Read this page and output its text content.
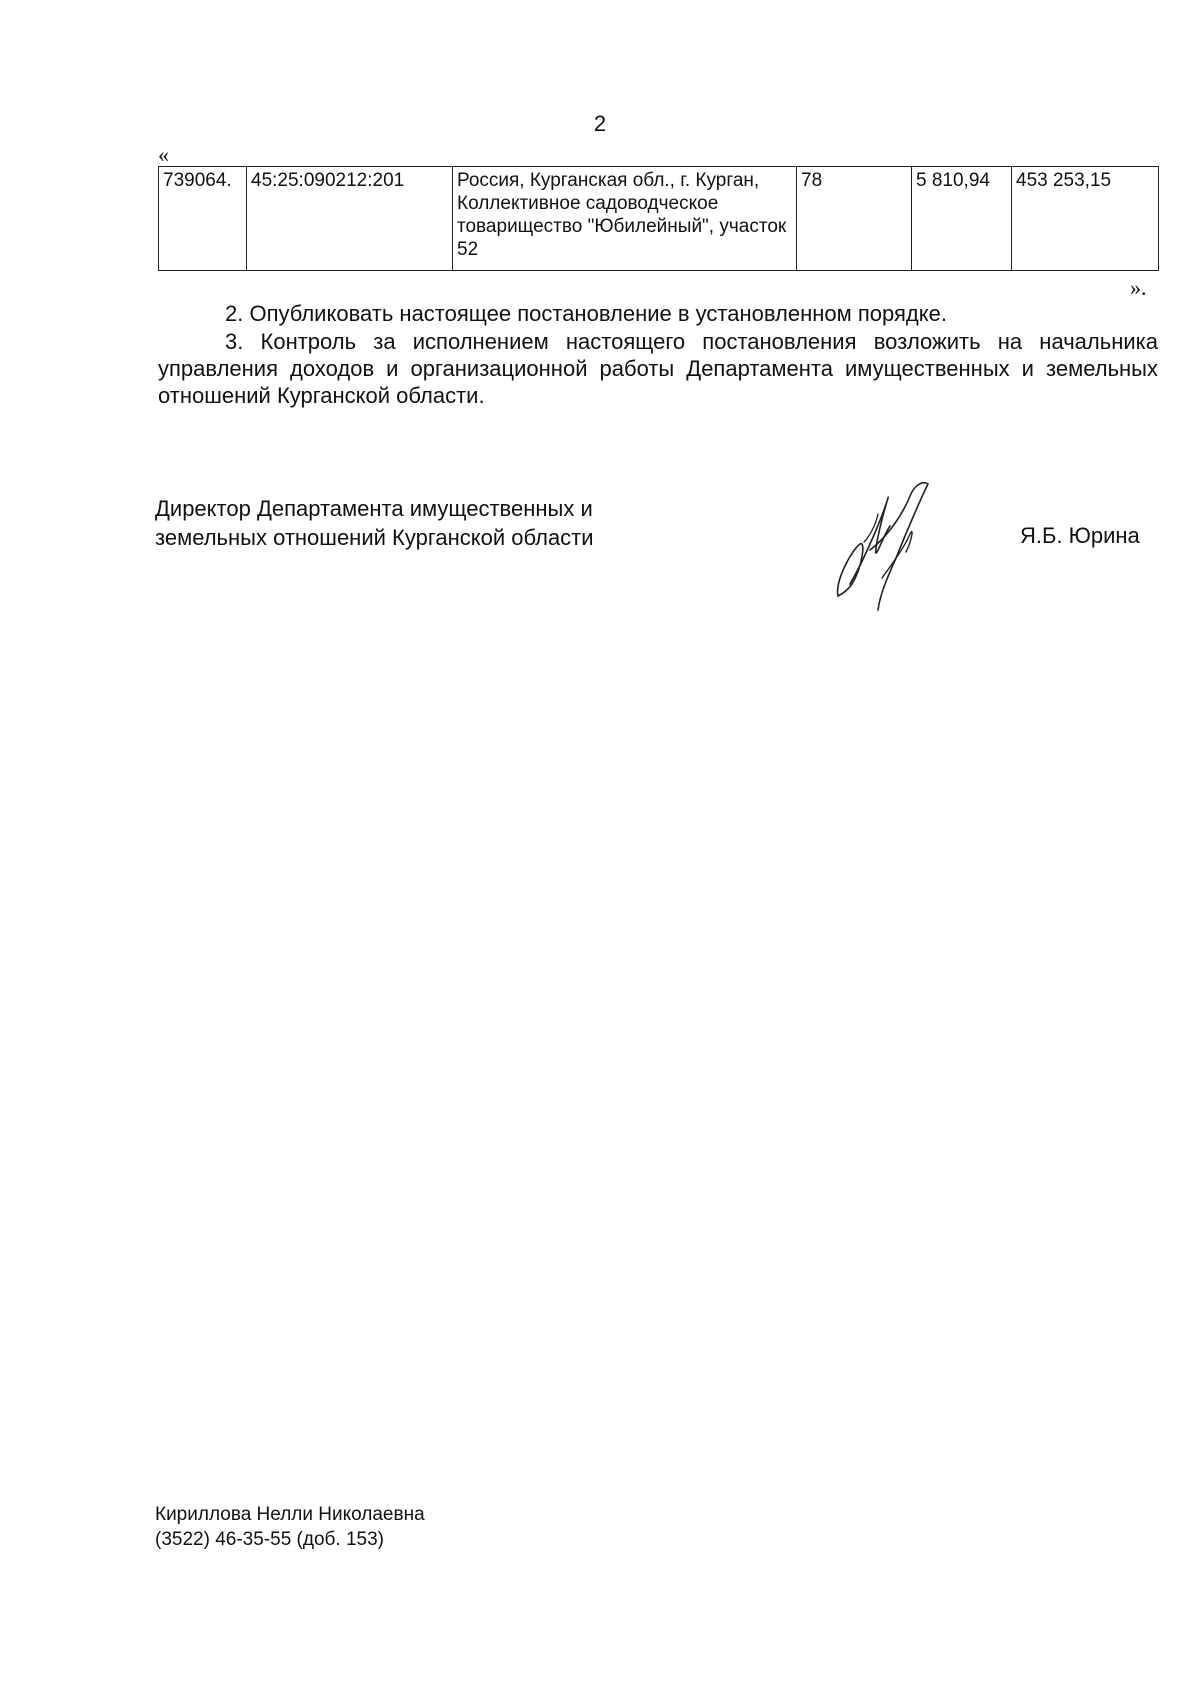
2
«
739064.	45:25:090212:201	Россия, Курганская обл., г. Курган, Коллективное садоводческое товарищество "Юбилейный", участок 52	78	5 810,94	453 253,15
».
2. Опубликовать настоящее постановление в установленном порядке.
3. Контроль за исполнением настоящего постановления возложить на начальника управления доходов и организационной работы Департамента имущественных и земельных отношений Курганской области.
Директор Департамента имущественных и
земельных отношений Курганской области	Я.Б. Юрина
Кириллова Нелли Николаевна
(3522) 46-35-55 (доб. 153)
